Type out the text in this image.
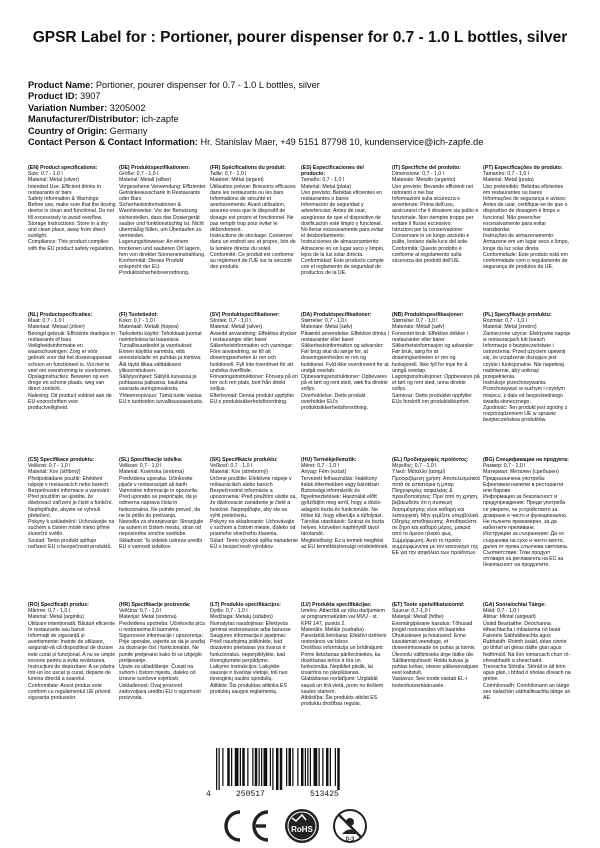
GPSR Label for : Portioner, pourer dispenser for 0.7 - 1.0 L bottles, silver
Product Name: Portioner, pourer dispenser for 0.7 - 1.0 L bottles, silver
Product ID: 3907
Variation Number: 3205002
Manufacturer/Distributor: ich-zapfe
Country of Origin: Germany
Contact Person & Contact Information: Hr. Stanislav Maer, +49 5151 87798 10, kundenservice@ich-zapfe.de

(EN) Product specifications:

Size: 0.7 - 1.0 l

Material: Metal (silver)

Intended Use: Efficient drinks in restaurants or bars

Safety Information & Warnings: Before use, make sure that the dosing device is clean and functional. Do not fill excessively to avoid overflow.

Storage Instructions: Store in a dry and clean place, away from direct sunlight.

Compliance: This product complies with the EU product safety regulation.

(DE) Produktspezifikationen:

Größe: 0,7 - 1,0 l

Material: Metall (silber)

Vorgesehene Verwendung: Effizienter Getränkeausschank in Restaurants oder Bars

Sicherheitsinformationen & Warnhinweise: Vor der Benutzung sicherstellen, dass das Dosiergerät sauber und funktionstüchtig ist. Nicht übermäßig füllen, um Überlaufen zu vermeiden.

Lagerungshinweise: An einem trockenen und sauberen Ort lagern, fern von direkter Sonneneinstrahlung.

Konformität: Dieses Produkt entspricht der EU-Produktsicherheitsverordnung.

(FR) Spécifications du produit:

Taille: 0,7 - 1,0 l

Matériel: Métal (argent)

Utilisation prévue: Boissons efficaces dans les restaurants ou les bars

Informations de sécurité et avertissements: Avant utilisation, assurez-vous que le dispositif de dosage est propre et fonctionnel. Ne pas remplir trop pour éviter le débordement.

Instructions de stockage: Conserver dans un endroit sec et propre, loin de la lumière directe du soleil.

Conformité: Ce produit est conforme au règlement de l'UE sur la sécurité des produits.

(ES) Especificaciones del producto:

Tamaño: 0,7 - 1,0 l

Material: Metal (plata)

Uso previsto: Bebidas eficientes en restaurantes o bares

Información de seguridad y advertencias: Antes de usar, asegúrese de que el dispositivo de dosificación esté limpio y funcional. No llenar excesivamente para evitar el desbordamiento.

Instrucciones de almacenamiento: Almacene en un lugar seco y limpio, lejos de la luz solar directa.

Conformidad: Este producto cumple con el reglamento de seguridad de productos de la UE.

(IT) Specifiche del prodotto:

Dimensione: 0,7 - 1,0 l

Materiale: Metallo (argento)

Uso previsto: Bevande efficienti nei ristoranti o nei bar

Informazioni sulla sicurezza e avvertenze: Prima dell'uso, assicurarsi che il dosatore sia pulito e funzionale. Non riempire troppo per evitare il flusso eccessivo.

Istruzioni per la conservazione: Conservare in un luogo asciutto e pulito, lontano dalla luce del sole.

Conformità: Questo prodotto è conforme al regolamento sulla sicurezza dei prodotti dell'UE.

(PT) Especificações do produto:

Tamanho: 0,7 - 1,0 l

Material: Metal (prata)

Uso pretendido: Bebidas eficientes em restaurantes ou bares

Informações de segurança e avisos: Antes de usar, certifique-se de que o dispositivo de dosagem é limpo e funcional. Não preencher excessivamente para evitar transbordar.

Instruções de armazenamento: Armazene em um lugar seco e limpo, longe da luz solar direta.

Conformidade: Este produto está em conformidade com o regulamento de segurança de produtos da UE.

(NL) Productspecificaties:

Maat: 0,7 - 1,0 l

Materiaal: Metaal (zilver)

Beoogd gebruik: Efficiënte drankjes in restaurants of bars

Veiligheidsinformatie en waarschuwingen: Zorg er vóór gebruik voor dat het doseerapparaat schoon en functioneel is. Vul niet te veel om overstroming te voorkomen.

Opslaginstructies: Bewaren op een droge en schone plaats, weg van direct zonlicht.

Naleving: Dit product voldoet aan de EU-voorschriften voor productveiligheid.

(FI) Tuotetiedot:

Koko: 0,7 - 1,0 l

Materiaali: Metalli (hopea)

Tarkoitettu käyttö: Tehokkaat juomat ravintoloissa tai baareissa

Turvallisuustiedot ja varoitukset: Ennen käyttöä varmista, että annostelulaite on puhdas ja toimiva. Älä täytä liikaa välttääksesi ylikuormituksen.

Säilytysohjeet: Säilytä kuivassa ja puhtaassa paikassa, kaukana suorasta auringonvalosta.

Yhteensopivuus: Tämä tuote vastaa EU:n tuotteiden turvallisuusasetusta.

(SV) Produktspecifikationer:

Storlek: 0,7 - 1,0 l

Material: Metall (silver)

Avsedd användning: Effektiva drycker i restauranger eller barer

Säkerhetsinformation och varningar: Före användning, se till att doseringsenheten är ren och funktionell. Fyll inte överdrivet för att undvika överflöde.

Förvaringsinstruktioner: Förvara på en torr och ren plats, bort från direkt solljus.

Efterlevnad: Denna produkt uppfyller EU:s produktsäkerhetsförordning.

(DA) Produktspecifikationer:

Størrelse: 0,7 - 1,0 l

Materiale: Metal (sølv)

Påtænkt anvendelse: Effektive drinks i restauranter eller barer

Sikkerhedsinformation og advarsler: Før brug skal du sørge for, at doseringsenheden er ren og funktionel. Fyld ikke overdrevent for at undgå overløb.

Opbevaringsinstruktioner: Opbevares på et tørt og rent sted, væk fra direkte sollys.

Overholdelse: Dette produkt overholder EU's produktsikkerhedsforordning.

(NB) Produktspesifikasjoner:

Størrelse: 0,7 - 1,0 l

Materiale: Metall (sølv)

Forventet bruk: Effektive drikker i restauranter eller barer

Sikkerhetsinformasjon og advarsler: Før bruk, sørg for at doseringsenheten er ren og funksjonell. Ikke fyll for mye for å unngå overløp.

Lagringsinstruksjoner: Oppbevares på et tørt og rent sted, unna direkte sollys.

Samsvar: Dette produktet oppfyller EUs forskrift om produktsikkerhet.

(PL) Specyfikacje produktu:

Rozmiar: 0,7 - 1,0 l

Materiał: Metal (srebro)

Zamierzone użycie: Efektywne napoje w restauracjach lub barach

Informacje o bezpieczeństwie i ostrzeżenia: Przed użyciem upewnij się, że urządzenie dozujące jest czyste i funkcjonalne. Nie napełniaj nadmiernie, aby uniknąć przepełnienia.

Instrukcje przechowywania: Przechowywać w suchym i czystym miejscu, z dala od bezpośredniego światła słonecznego.

Zgodność: Ten produkt jest zgodny z rozporządzeniem UE w sprawie bezpieczeństwa produktów.

(CS) Specifikace produktu:

Velikost: 0,7 - 1,0 l

Materiál: Kov (stříbrný)

Předpokládané použití: Efektivní nápoje v restauracích nebo barech

Bezpečnostní informace a varování: Před použitím se ujistěte, že dávkovací zařízení je čisté a funkční. Nepřeplňujte, abyste se vyhnuli přetečení.

Pokyny k uskladnění: Uchovávejte na suchém a čistém místě mimo přímé sluneční světlo.

Soulad: Tento produkt splňuje nařízení EU o bezpečnosti produktů.

(SL) Specifikacije izdelka:

Velikost: 0,7 - 1,0 l

Material: Kovinska (srebrna)

Predvidena uporaba: Učinkovite pijače v restavracijah ali barih

Varnostne informacije in opozorila: Pred uporabo se prepričajte, da je odmerna naprava čista in funkcionalna. Ne polnite preveč, da ne bi prišlo do prelivanja.

Navodila za shranjevanje: Shranjujte na suhem in čistem mestu, stran od neposredne sončne svetlobe.

Skladnost: Ta izdelek ustreza uredbi EU o varnosti izdelkov.

(SK) Špecifikácie produktu:

Veľkosť: 0,7 - 1,0 l

Materiál: Kov (strieborný)

Určené použitie: Efektívne nápoje v reštauráciách alebo baroch

Bezpečnostné informácie a upozornenia: Pred použitím uistite sa, že dávkovacie zariadenie je čisté a funkčné. Neprepĺňajte, aby ste sa vyhli pretečeniu.

Pokyny na skladovanie: Uchovávajte v suchom a čistom mieste, ďaleko od priameho slnečného žiarenia.

Súlad: Tento výrobok spĺňa nariadenie EÚ o bezpečnosti výrobkov.

(HU) Termékjellemzők:

Méret: 0,7 - 1,0 l

Anyag: Fém (ezüst)

Tervezett felhasználás: Hatékony italok éttermekben vagy bárokban

Biztonsági információk és figyelmeztetések: Használat előtt győződjön meg arról, hogy a dózis-adagoló tiszta és funkcionális. Ne töltse túl, hogy elkerülje a túlfolyást.

Tárolási utasítások: Száraz és tiszta helyen, közvetlen napfénytől távol tárolandó.

Megfelelőség: Ez a termék megfelel az EU termékbiztonsági rendeletének.

(EL) Προδιαγραφές προϊόντος:

Μέγεθος: 0,7 - 1,0 l

Υλικό: Μέταλλο (ασημί)

Προοριζόμενη χρήση: Αποτελεσματικά ποτά σε εστιατόρια ή μπαρ

Πληροφορίες ασφαλείας & προειδοποιήσεις: Πριν από τη χρήση, βεβαιωθείτε ότι η συσκευή δοσομέτρησης είναι καθαρή και λειτουργική. Μην γεμίζετε υπερβολικά.

Οδηγίες αποθήκευσης: Αποθηκεύστε σε ξηρό και καθαρό μέρος, μακριά από το άμεσο ηλιακό φως.

Συμμόρφωση: Αυτό το προϊόν συμμορφώνεται με τον κανονισμό της ΕΕ για την ασφάλεια των προϊόντων.

(BG) Спецификации на продукта:

Размер: 0,7 - 1,0 l

Материал: Метален (сребърен)

Предназначена употреба: Ефективни напитки в ресторанти или барове

Информация за безопасност и предупреждения: Преди употреба се уверете, че устройството за дозиране е чисто и функционално. Не пълнете прекомерно, за да избегнете преливане.

Инструкции за съхранение: Да се съхранява на сухо и чисто място, далеч от пряка слънчева светлина.

Съответствие: Този продукт отговаря на регламента на ЕС за безопасност на продуктите.

(RO) Specificații produs:

Mărime: 0,7 - 1,0 l

Material: Metal (argintiu)

Utilizare intenționată: Băuturi eficiente în restaurante sau baruri

Informații de siguranță și avertismente: Înainte de utilizare, asigurați-vă că dispozitivul de dozare este curat și funcțional. A nu se umple excesiv pentru a evita revărsarea.

Instrucțiuni de depozitare: A se păstra într-un loc uscat și curat, departe de lumina directă a soarelui.

Conformitate: Acest produs este conform cu regulamentul UE privind siguranța produselor.

(HR) Specifikacije proizvoda:

Veličina: 0,7 - 1,0 l

Materijal: Metal (srebrna)

Predviđena upotreba: Učinkovita pića u restoranima ili barovima

Sigurnosne informacije i upozorenja: Prije uporabe, uvjerite se da je uređaj za doziranje čist i funkcionalan. Ne punite pretjerano kako bi se izbjeglo prelijevanje.

Upute za skladištenje: Čuvati na suhom i čistom mjestu, daleko od izravne sunčeve svjetlosti.

Usklađenost: Ovaj proizvod zadovoljava uredbu EU o sigurnosti proizvoda.

(LT) Produkto specifikacijos:

Dydis: 0,7 - 1,0 l

Medžiaga: Metalų (sidabro)

Numatytas naudojimas: Efektyvūs gėrimai restoranuose arba baruose

Saugumo informacija ir įspėjimai: Prieš naudojimą įsitikinkite, kad dozavimo prietaisas yra švarus ir funkcionalus. neperpildykite, kad išvengtumėte perpildymo.

Laikymo instrukcijos: Laikykite sausoje ir švarioje vietoje, toli nuo tiesioginių saulės spindulių.

Atitiktis: Šis produktas atitinka ES produktų saugos reglamentą.

(LV) Produkta specifikācijas:

Izmērs: Attiecībā uz rūku darījumiem ar programmatūrām vai MVU - st. KPR 147, punkts 2.

Materiāls: Metāls (sudraba)

Paredzētā lietošana: Efektīvi dzērieni restorānos vai bāros

Drošības informācija un brīdinājumi: Pirms lietošanas pārliecinieties, ka dozēšanas ierīce ir tīra un funkcionāla. Nepildiet pārāk, lai izvairītos no pārplūšanas.

Glabāšanas norādījumi: Uzglabāt sausā un tīrā vietā, prom no tiešiem saules stariem.

Atbilstība: Šis produkts atbilst ES produktu drošības regulai.

(ET) Toote spetsifikatsioonid:

Suurus: 0,7-1,0 l

Materjal: Metall (hõbe)

Eesmärgipärane kasutus: Tõhusad joogid restoranides või baarides

Ohutusteave ja hoiatused: Enne kasutamist veenduge, et doseerimisseade on puhas ja toimiv. Ülevoolu vältimiseks ärge täitke üle.

Säilitamisjuhised: Hoida kuivas ja puhtas kohas, otsese päikesevalguse eest kaitstult.

Vastavus: See toode vastab EL-i tooteohutusmäärusele.

(GA) Sonraíochtaí Táirge:

Méid: 0,7 - 1,0 l

Ábhar: Miotal (airgead)

Úsáid Beartaithe: Deochanna éifeachtacha i mbialanna nó beáir

Faisnéis Sábháilteachta agus Rabhaidh: Roimh úsáid, déan cinnte go bhfuil an gléas dáilte glan agus feidhmiúil. Ná líon iomarcach chun ró-shreabhadh a sheachaint.

Treoracha Stórála: Stóráil in áit tirim agus glan, i bhfad ó sholas díreach na gréine.

Comhlíonadh: Comhlíonann an táirge seo rialachán sábháilteachta táirge an AE.

4	250517	513425
RoHS
0-3
